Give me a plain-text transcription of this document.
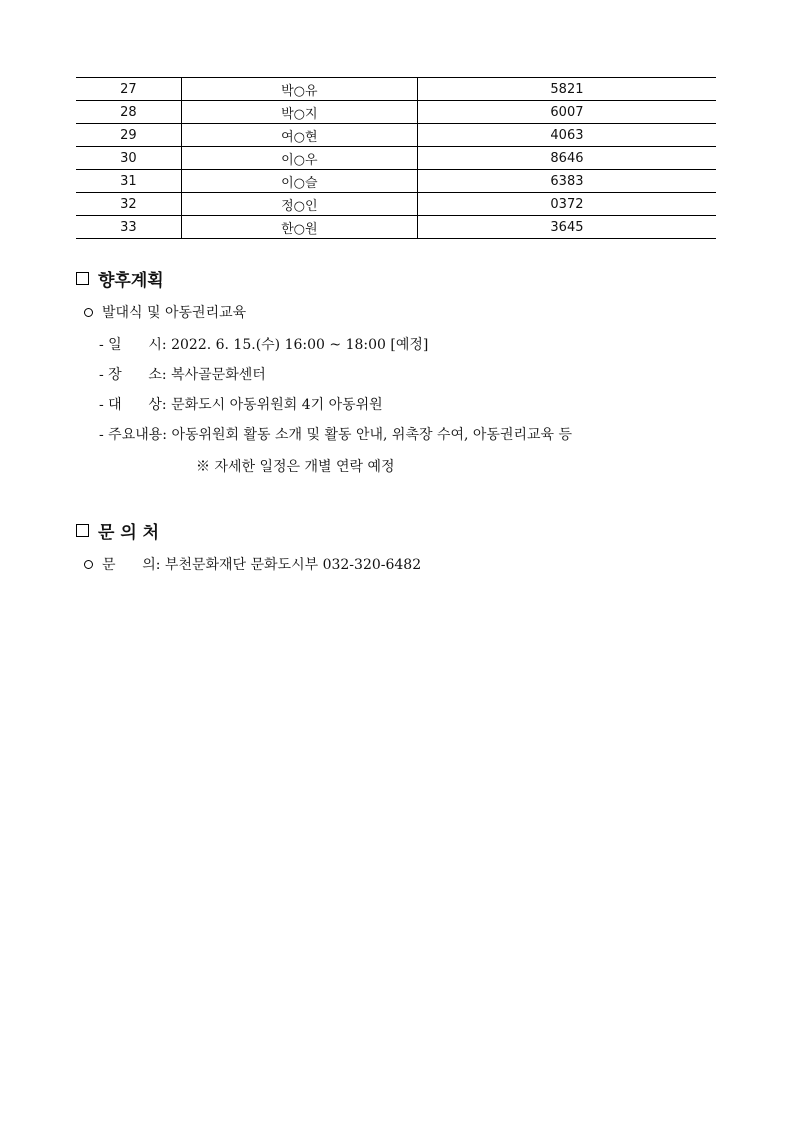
27	박○유	5821
28	박○지	6007
29	여○현	4063
30	이○우	8646
31	이○슬	6383
32	정○인	0372
33	한○원	3645
향후계획
발대식 및 아동권리교육
- 일      시: 2022. 6. 15.(수) 16:00 ~ 18:00 [예정]
- 장      소: 복사골문화센터
- 대      상: 문화도시 아동위원회 4기 아동위원
- 주요내용: 아동위원회 활동 소개 및 활동 안내, 위촉장 수여, 아동권리교육 등
※ 자세한 일정은 개별 연락 예정
문 의 처
문      의: 부천문화재단 문화도시부 032-320-6482
